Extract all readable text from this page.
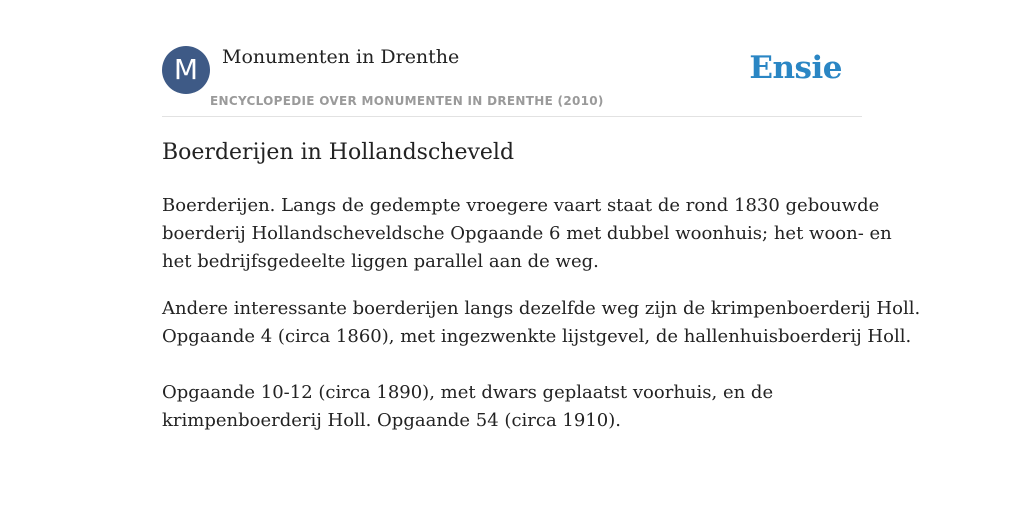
M	Monumenten in Drenthe
ENCYCLOPEDIE OVER MONUMENTEN IN DRENTHE (2010)
Ensie
Boerderijen in Hollandscheveld

Boerderijen. Langs de gedempte vroegere vaart staat de rond 1830 gebouwde
boerderij Hollandscheveldsche Opgaande 6 met dubbel woonhuis; het woon- en
het bedrijfsgedeelte liggen parallel aan de weg.

Andere interessante boerderijen langs dezelfde weg zijn de krimpenboerderij Holl.
Opgaande 4 (circa 1860), met ingezwenkte lijstgevel, de hallenhuisboerderij Holl.
Opgaande 10-12 (circa 1890), met dwars geplaatst voorhuis, en de
krimpenboerderij Holl. Opgaande 54 (circa 1910).
